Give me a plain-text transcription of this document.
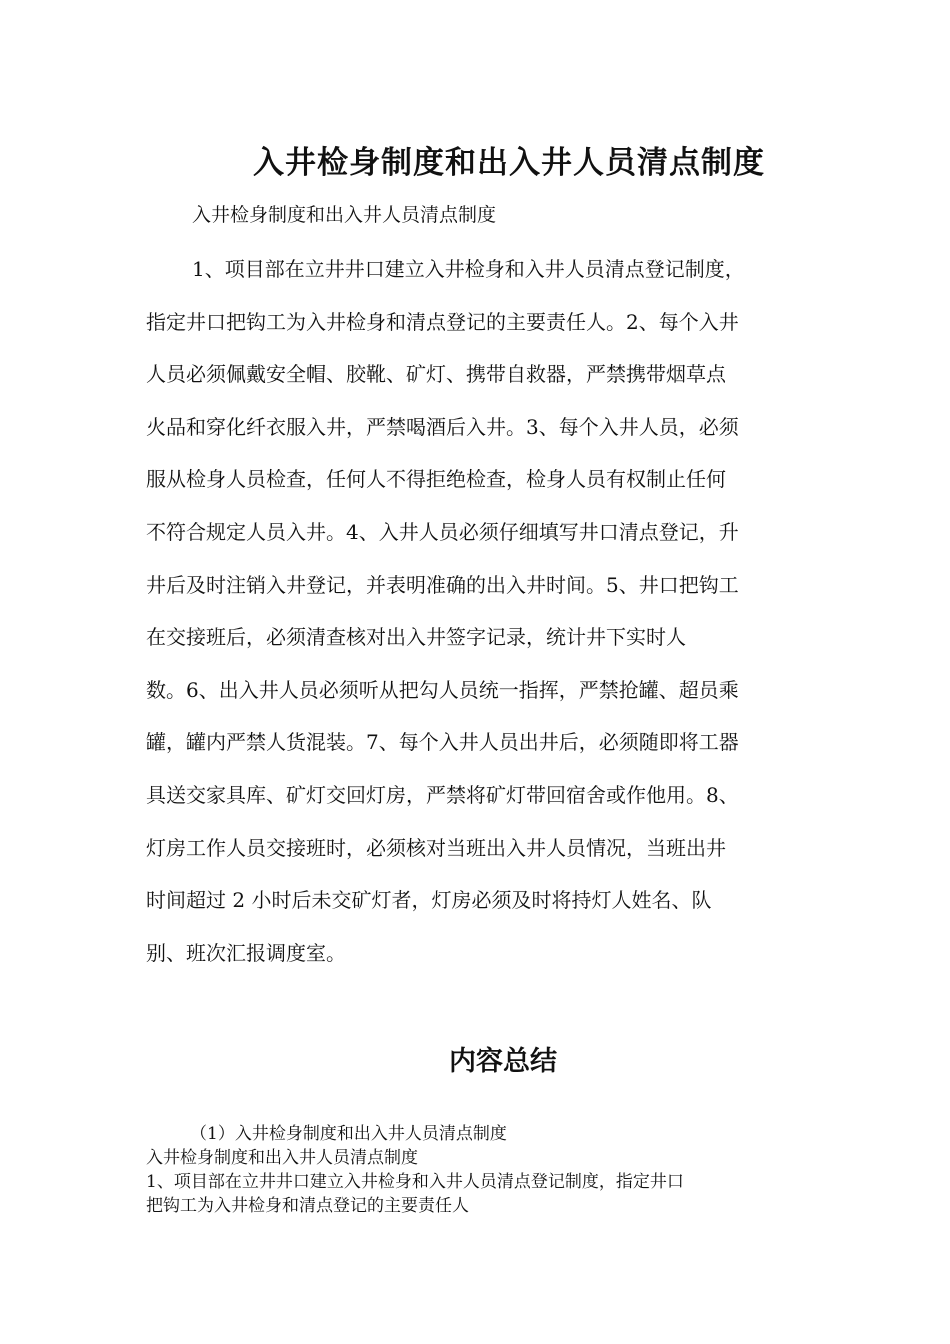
入井检身制度和出入井人员清点制度
入井检身制度和出入井人员清点制度
1、项目部在立井井口建立入井检身和入井人员清点登记制度，
指定井口把钩工为入井检身和清点登记的主要责任人。2、每个入井
人员必须佩戴安全帽、胶靴、矿灯、携带自救器，严禁携带烟草点
火品和穿化纤衣服入井，严禁喝酒后入井。3、每个入井人员，必须
服从检身人员检查，任何人不得拒绝检查，检身人员有权制止任何
不符合规定人员入井。4、入井人员必须仔细填写井口清点登记，升
井后及时注销入井登记，并表明准确的出入井时间。5、井口把钩工
在交接班后，必须清查核对出入井签字记录，统计井下实时人
数。6、出入井人员必须听从把勾人员统一指挥，严禁抢罐、超员乘
罐，罐内严禁人货混装。7、每个入井人员出井后，必须随即将工器
具送交家具库、矿灯交回灯房，严禁将矿灯带回宿舍或作他用。8、
灯房工作人员交接班时，必须核对当班出入井人员情况，当班出井
时间超过 2 小时后未交矿灯者，灯房必须及时将持灯人姓名、队
别、班次汇报调度室。
内容总结
（1）入井检身制度和出入井人员清点制度
入井检身制度和出入井人员清点制度
1、项目部在立井井口建立入井检身和入井人员清点登记制度，指定井口
把钩工为入井检身和清点登记的主要责任人
